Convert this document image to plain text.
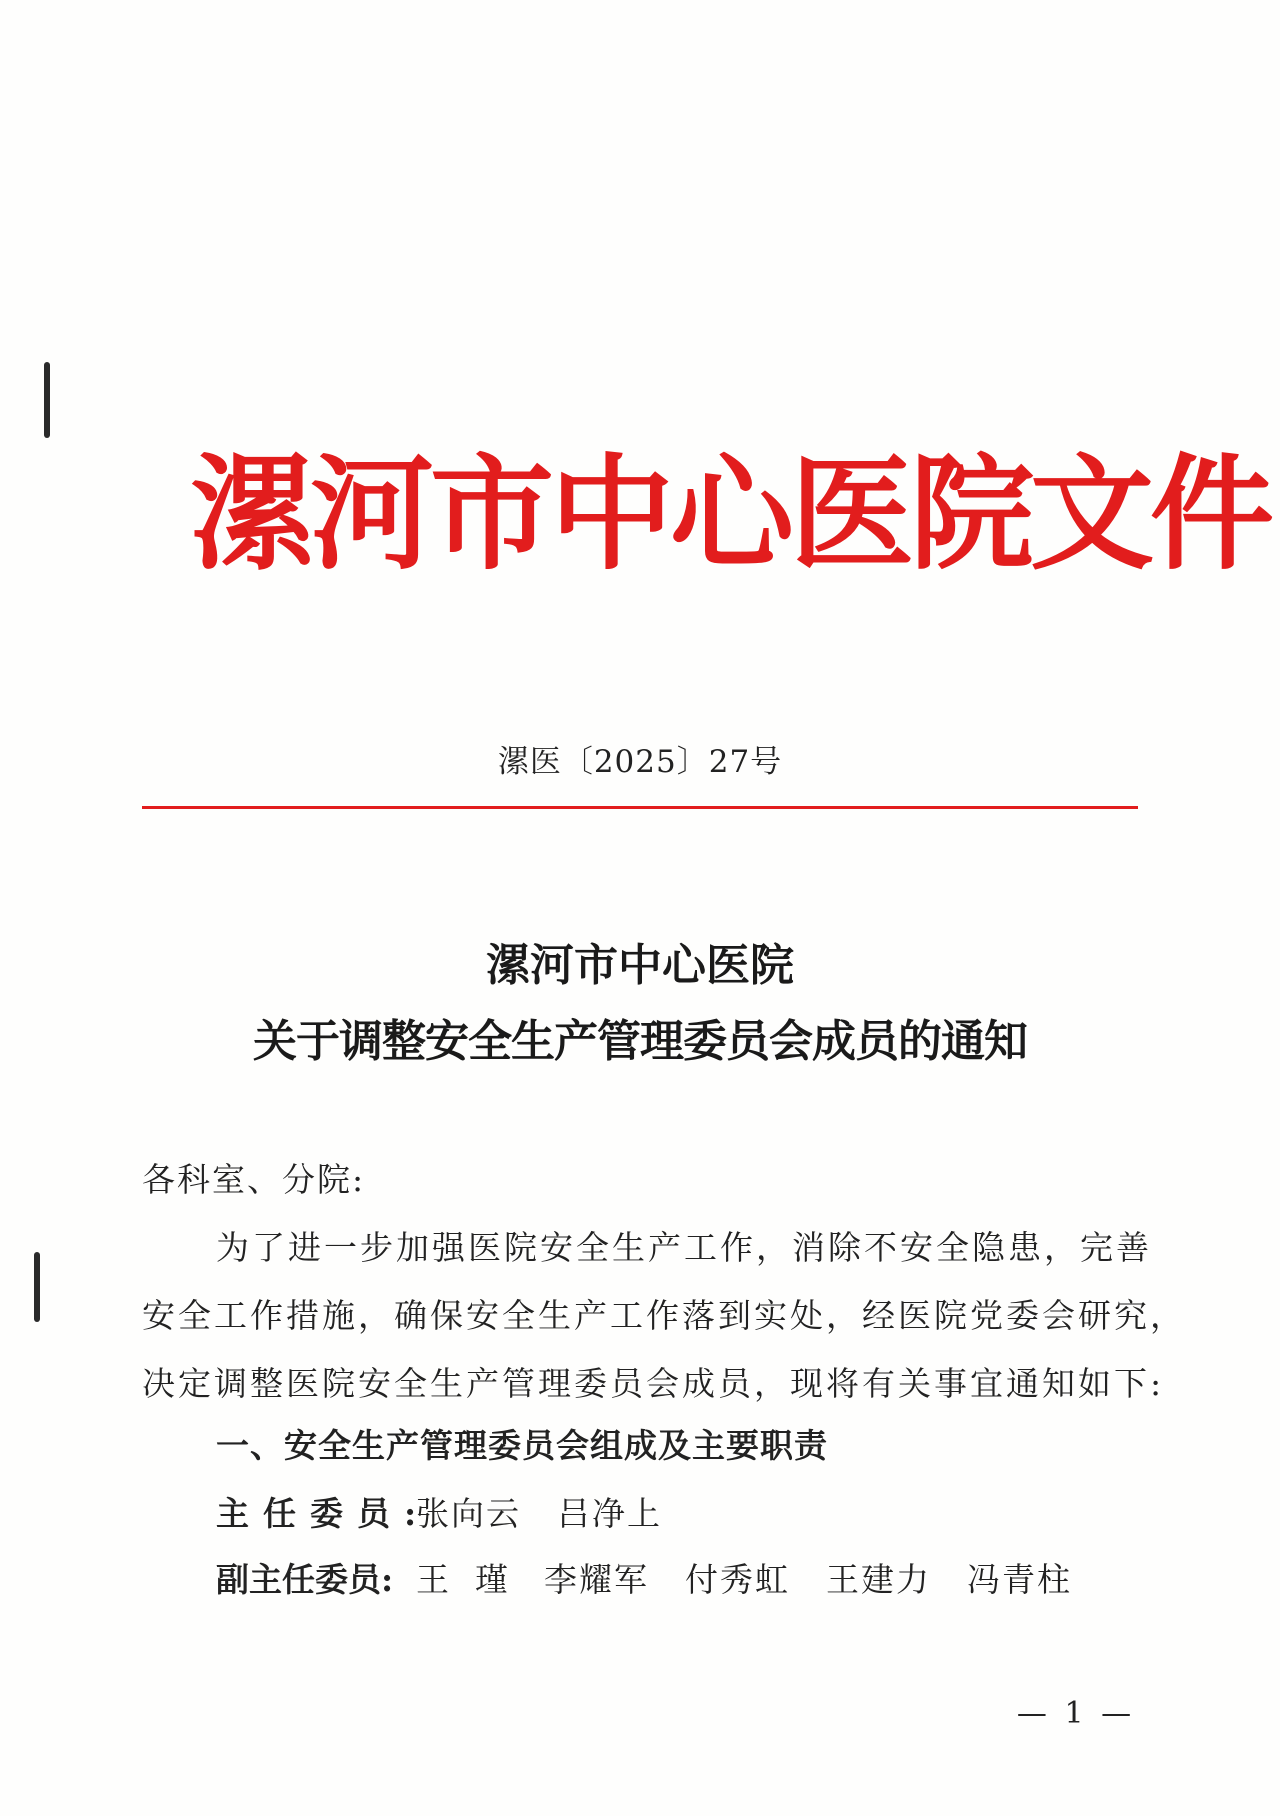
漯河市中心医院文件
漯医〔2025〕27号
漯河市中心医院
关于调整安全生产管理委员会成员的通知
各科室、分院:
为了进一步加强医院安全生产工作，消除不安全隐患，完善
安全工作措施，确保安全生产工作落到实处，经医院党委会研究，
决定调整医院安全生产管理委员会成员，现将有关事宜通知如下:
一、安全生产管理委员会组成及主要职责
主任委员:张向云 吕净上
副主任委员: 王瑾 李耀军 付秀虹 王建力 冯青柱
— 1 —
